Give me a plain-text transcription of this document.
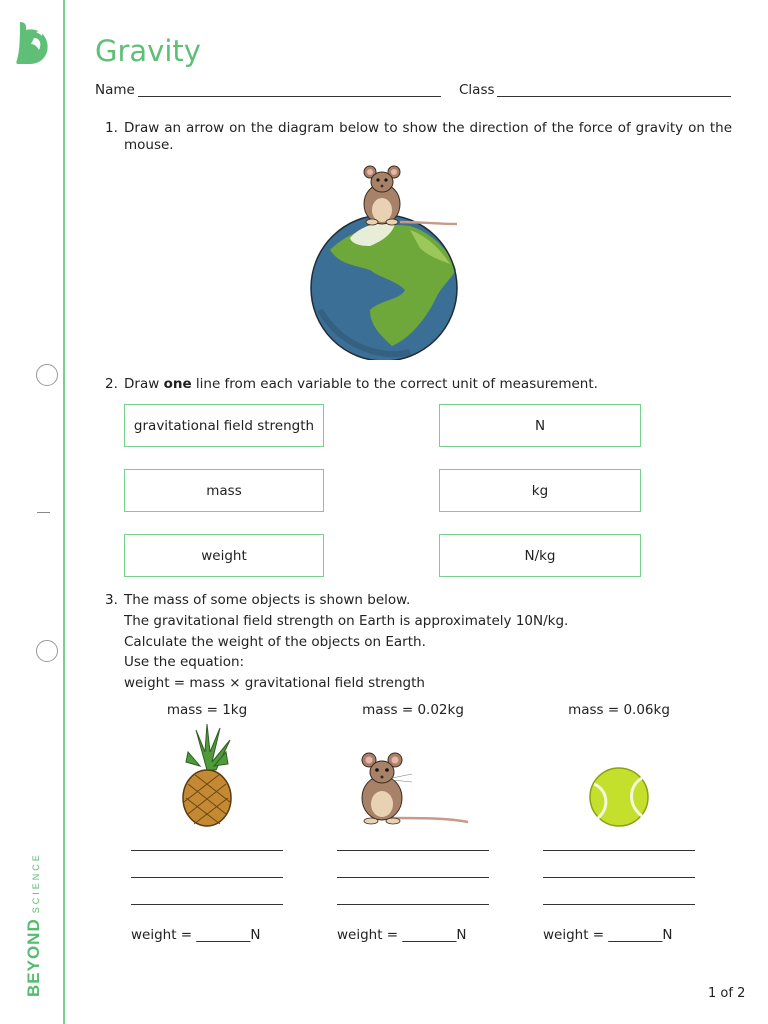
BEYONDSCIENCE
Gravity
Name	Class
1. Draw an arrow on the diagram below to show the direction of the force of gravity on the mouse.
2. Draw one line from each variable to the correct unit of measurement.
gravitational field strength
mass
weight
N
kg
N/kg
3. The mass of some objects is shown below.
The gravitational field strength on Earth is approximately 10N/kg.
Calculate the weight of the objects on Earth.
Use the equation:
weight = mass × gravitational field strength
mass = 1kg	mass = 0.02kg	mass = 0.06kg
weight = ________N	weight = ________N	weight = ________N
1 of 2
